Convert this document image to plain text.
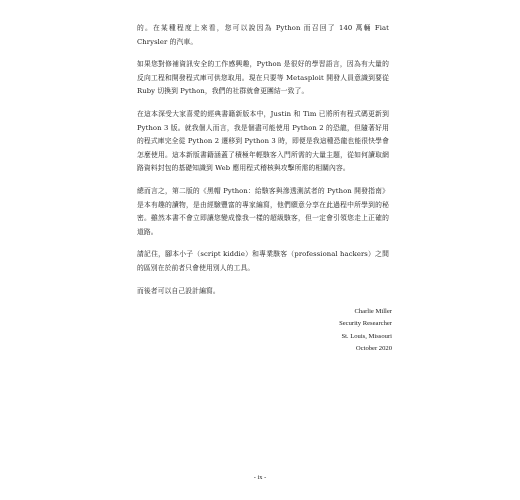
的。在某種程度上來看，您可以說因為 Python 而召回了 140 萬輛 Fiat Chrysler 的汽車。

如果您對修補資訊安全的工作感興趣，Python 是很好的學習語言，因為有大量的反向工程和開發程式庫可供您取用。現在只要等 Metasploit 開發人員意識到要從 Ruby 切換到 Python，我們的社群就會更團結一致了。

在這本深受大家喜愛的經典書籍新版本中，Justin 和 Tim 已將所有程式碼更新到 Python 3 版。就我個人而言，我是個盡可能使用 Python 2 的恐龍，但隨著好用的程式庫完全從 Python 2 遷移到 Python 3 時，即便是我這種恐龍也能很快學會怎麼使用。這本新版書籍涵蓋了積極年輕駭客入門所需的大量主題，從如何讀取網路資料封包的基礎知識到 Web 應用程式稽核與攻擊所需的相關內容。

總而言之，第二版的《黑帽 Python：給駭客與滲透測試者的 Python 開發指南》是本有趣的讀物，是由經驗豐富的專家編寫，他們願意分享在此過程中所學到的秘密。雖然本書不會立即讓您變成像我一樣的超級駭客，但一定會引領您走上正確的道路。

請記住，腳本小子（script kiddie）和專業駭客（professional hackers）之間的區別在於前者只會使用別人的工具。

而後者可以自己設計編寫。

Charlie Miller
Security Researcher
St. Louis, Missouri
October 2020
- ix -
